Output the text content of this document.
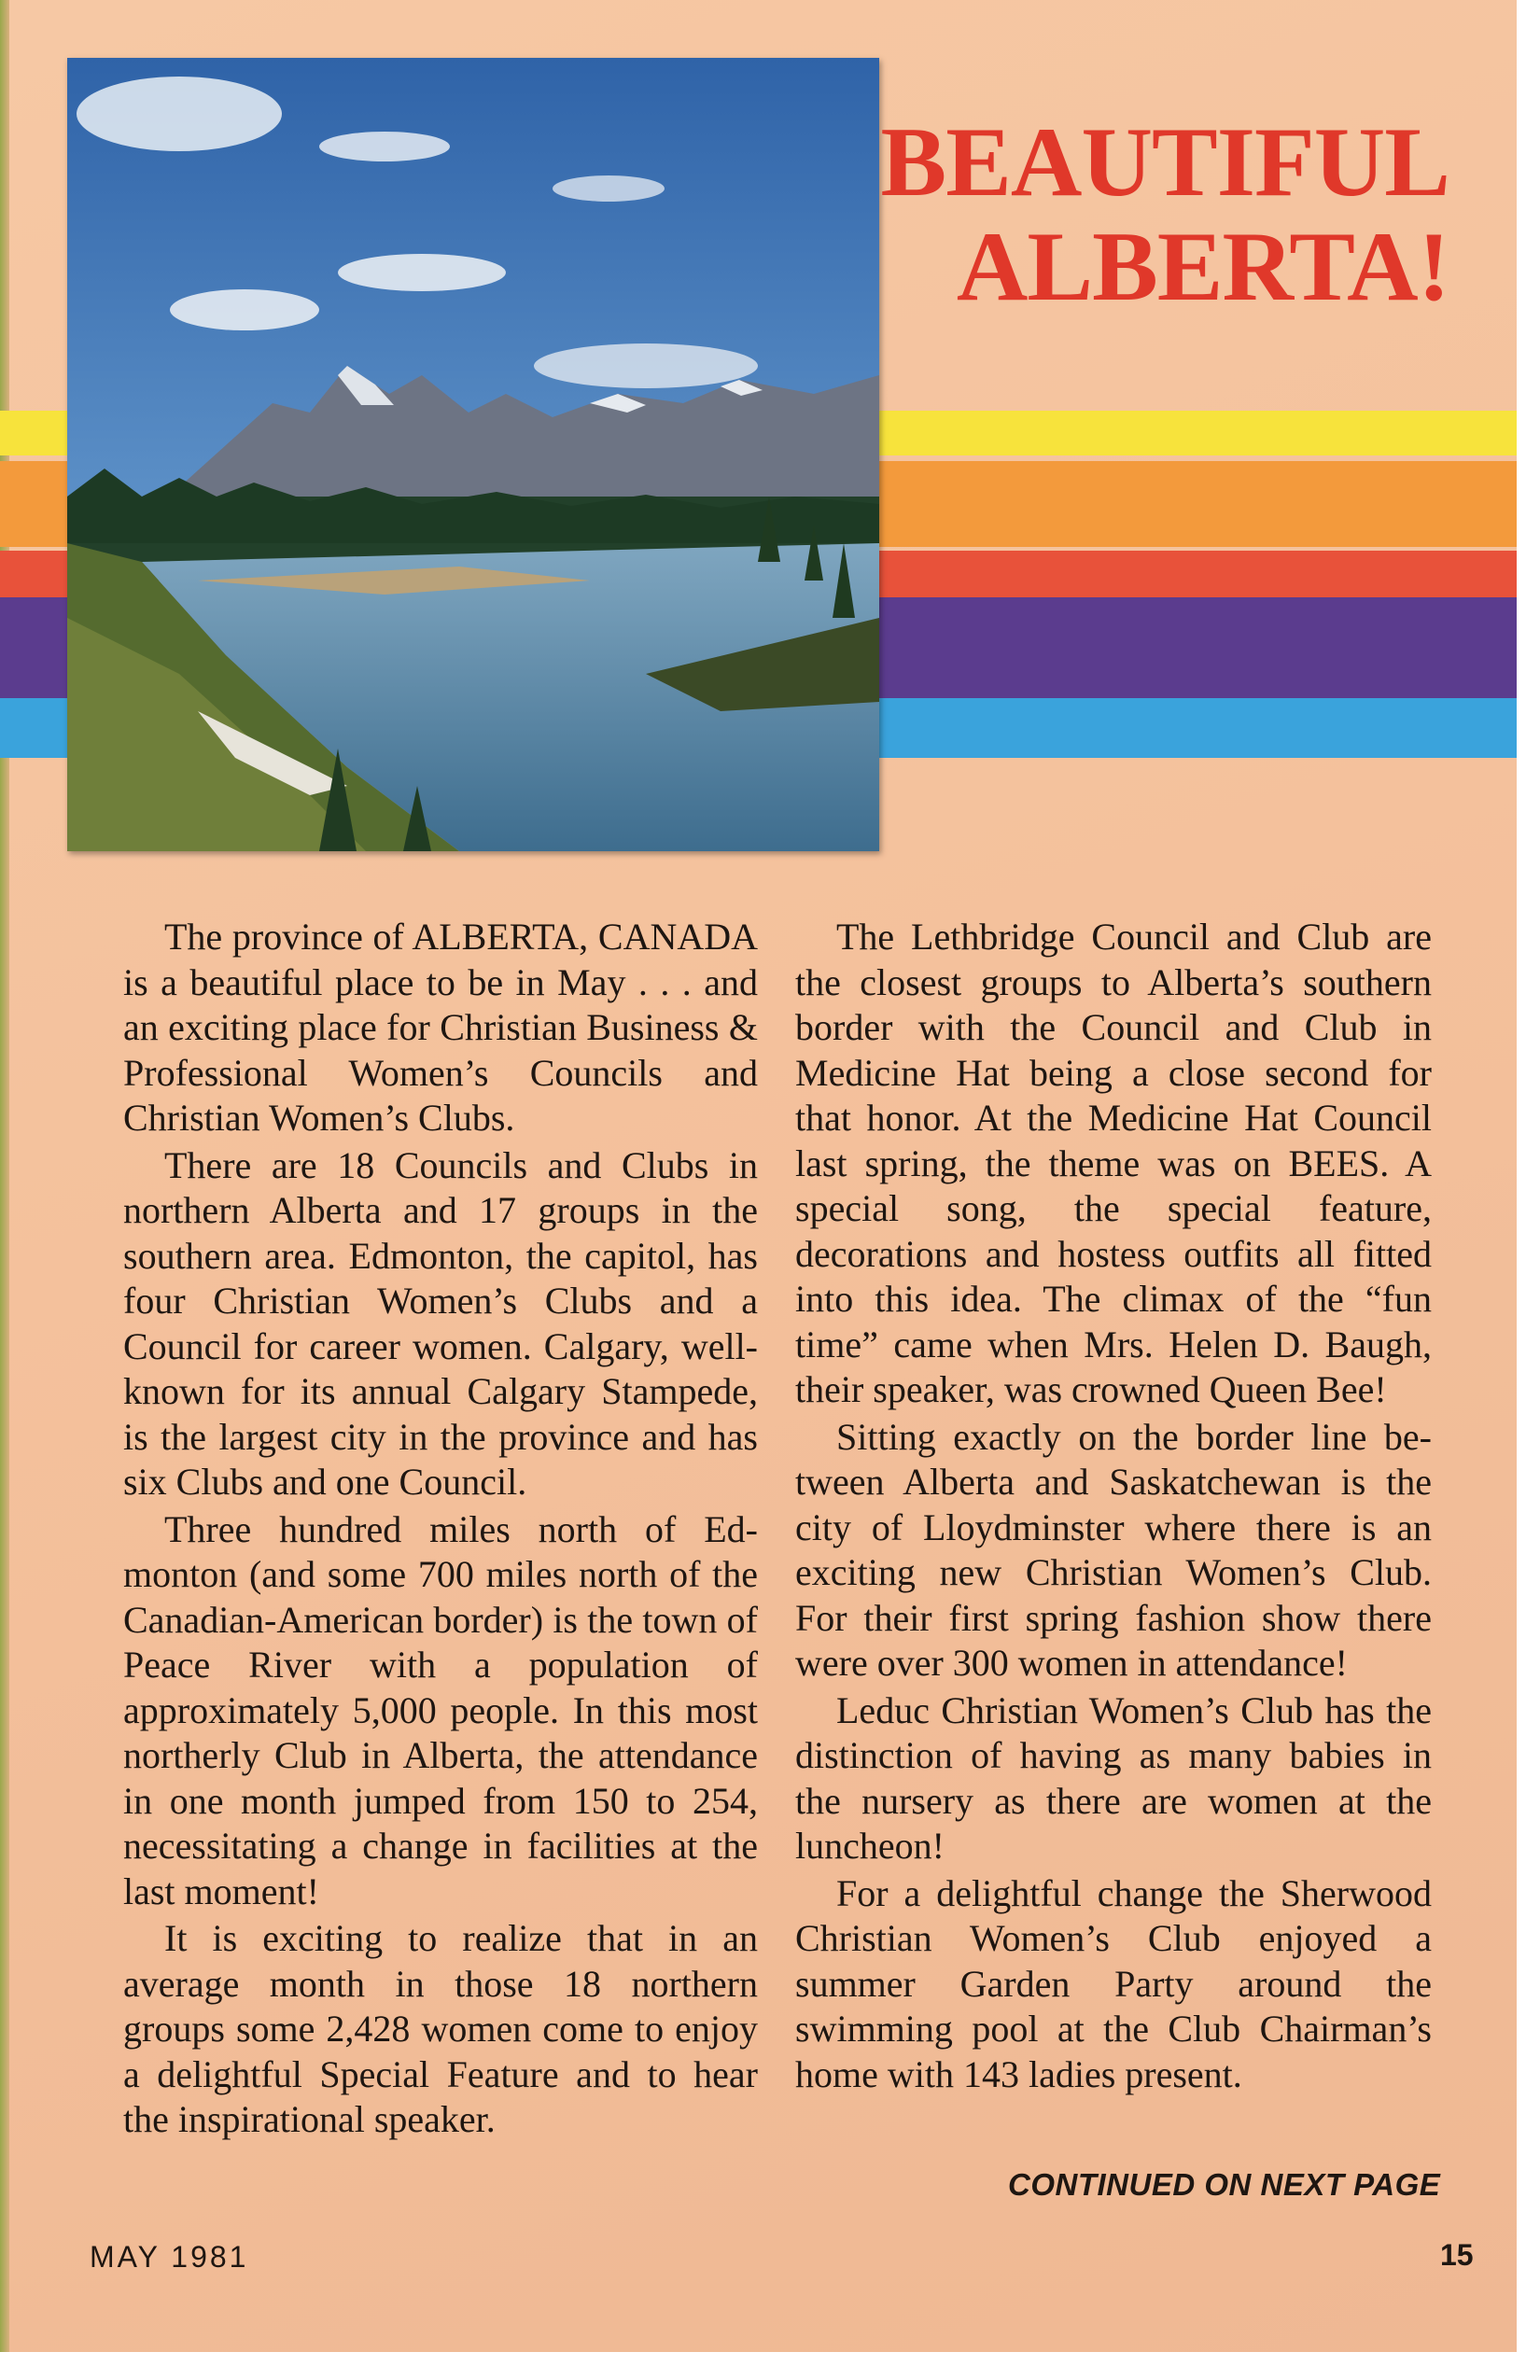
BEAUTIFUL
ALBERTA!

The province of ALBERTA, CANADA is a beautiful place to be in May . . . and an exciting place for Christian Business & Professional Women’s Councils and Christian Women’s Clubs.

There are 18 Councils and Clubs in northern Alberta and 17 groups in the southern area. Edmonton, the capitol, has four Christian Women’s Clubs and a Council for career women. Calgary, well-known for its annual Calgary Stampede, is the largest city in the province and has six Clubs and one Council.

Three hundred miles north of Edmonton (and some 700 miles north of the Canadian-American border) is the town of Peace River with a population of approximately 5,000 people. In this most northerly Club in Alberta, the attendance in one month jumped from 150 to 254, necessitating a change in facilities at the last moment!

It is exciting to realize that in an average month in those 18 northern groups some 2,428 women come to enjoy a delightful Special Feature and to hear the inspirational speaker.

The Lethbridge Council and Club are the closest groups to Alberta’s southern border with the Council and Club in Medicine Hat being a close second for that honor. At the Medicine Hat Council last spring, the theme was on BEES. A special song, the special feature, decorations and hostess outfits all fitted into this idea. The climax of the “fun time” came when Mrs. Helen D. Baugh, their speaker, was crowned Queen Bee!

Sitting exactly on the border line between Alberta and Saskatchewan is the city of Lloydminster where there is an exciting new Christian Women’s Club. For their first spring fashion show there were over 300 women in attendance!

Leduc Christian Women’s Club has the distinction of having as many babies in the nursery as there are women at the luncheon!

For a delightful change the Sherwood Christian Women’s Club enjoyed a summer Garden Party around the swimming pool at the Club Chairman’s home with 143 ladies present.

CONTINUED ON NEXT PAGE
MAY 1981	15
